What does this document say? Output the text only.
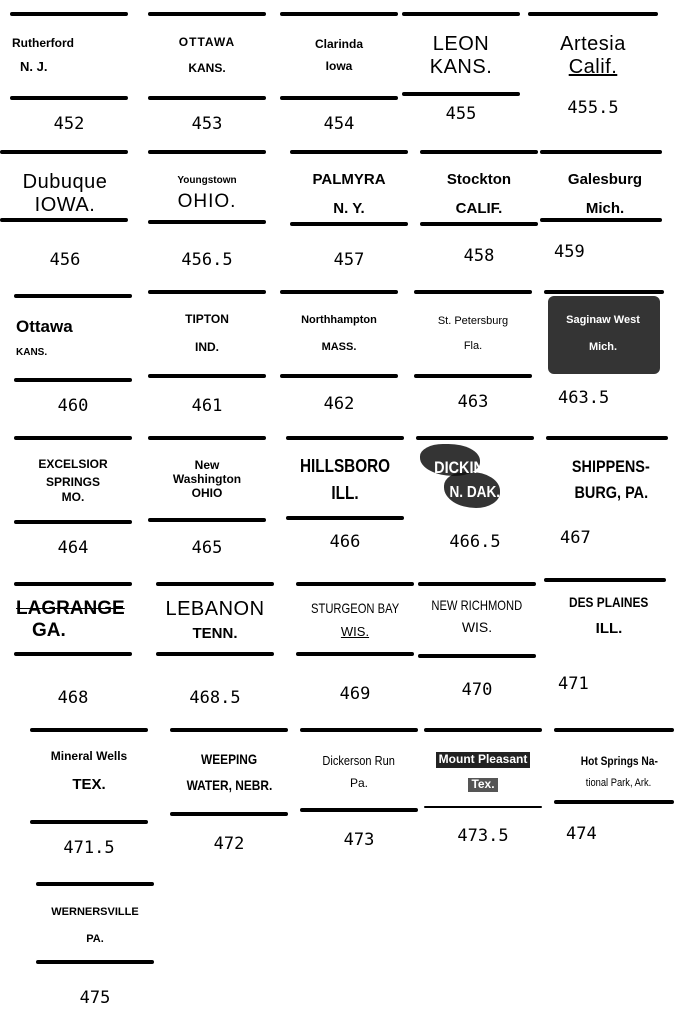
Rutherford
N. J.
452
OTTAWA
KANS.
453
Clarinda
Iowa
454
LEON
KANS.
455
Artesia
Calif.
455.5
Dubuque
IOWA.
456
Youngstown
OHIO.
456.5
PALMYRA
N. Y.
457
Stockton
CALIF.
458
Galesburg
Mich.
459
Ottawa
KANS.
460
TIPTON
IND.
461
Northhampton
MASS.
462
St. Petersburg
Fla.
463
Saginaw West
Mich.
463.5
EXCELSIOR SPRINGS
MO.
464
New Washington
OHIO
465
HILLSBORO
ILL.
466
DICKINSON
N. DAK.
466.5
SHIPPENS-
BURG, PA.
467
LAGRANGE
GA.
468
LEBANON
TENN.
468.5
STURGEON BAY
WIS.
469
NEW RICHMOND
WIS.
470
DES PLAINES
ILL.
471
Mineral Wells
TEX.
471.5
WEEPING
WATER, NEBR.
472
Dickerson Run
Pa.
473
Mount Pleasant
Tex.
473.5
Hot Springs Na-
tional Park, Ark.
474
WERNERSVILLE
PA.
475
